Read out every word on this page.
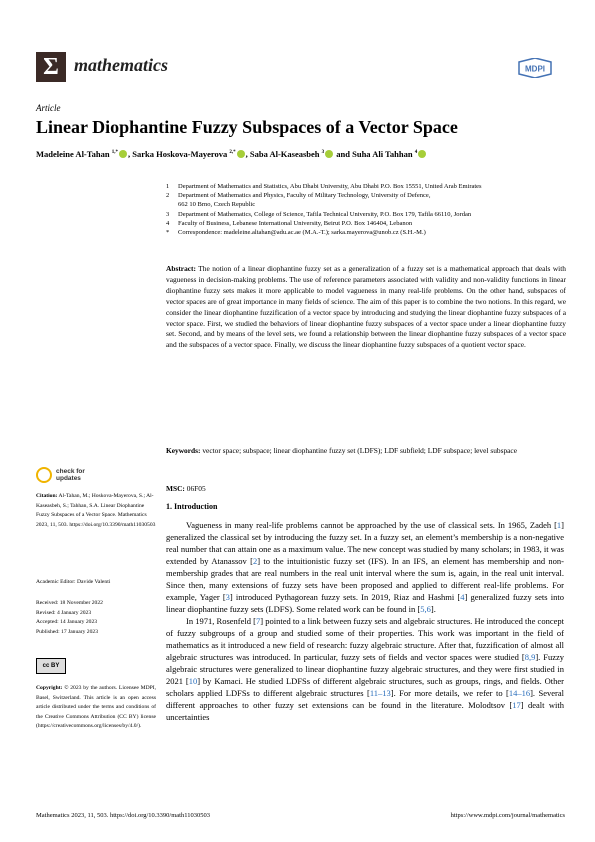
Σ mathematics	MDPI
Article
Linear Diophantine Fuzzy Subspaces of a Vector Space
Madeleine Al-Tahan $^{1,*}$ , Sarka Hoskova-Mayerova $^{2,*}$ , Saba Al-Kaseasbeh $^3$ and Suha Ali Tahhan $^4$
1	Department of Mathematics and Statistics, Abu Dhabi University, Abu Dhabi P.O. Box 15551, United Arab Emirates
2	Department of Mathematics and Physics, Faculty of Military Technology, University of Defence,
662 10 Brno, Czech Republic
3	Department of Mathematics, College of Science, Tafila Technical University, P.O. Box 179, Tafila 66110, Jordan
4	Faculty of Business, Lebanese International University, Beirut P.O. Box 146404, Lebanon
*	Correspondence: madeleine.altahan@adu.ac.ae (M.A.-T.); sarka.mayerova@unob.cz (S.H.-M.)
Abstract: The notion of a linear diophantine fuzzy set as a generalization of a fuzzy set is a mathematical approach that deals with vagueness in decision-making problems. The use of reference parameters associated with validity and non-validity functions in linear diophantine fuzzy sets makes it more applicable to model vagueness in many real-life problems. On the other hand, subspaces of vector spaces are of great importance in many fields of science. The aim of this paper is to combine the two notions. In this regard, we consider the linear diophantine fuzzification of a vector space by introducing and studying the linear diophantine fuzzy subspaces of a vector space. First, we studied the behaviors of linear diophantine fuzzy subspaces of a vector space under a linear diophantine fuzzy set. Second, and by means of the level sets, we found a relationship between the linear diophantine fuzzy subspaces of a vector space and the subspaces of a vector space. Finally, we discuss the linear diophantine fuzzy subspaces of a quotient vector space.
Keywords: vector space; subspace; linear diophantine fuzzy set (LDFS); LDF subfield; LDF subspace; level subspace
MSC: 06F05
check for
updates
Citation: Al-Tahan, M.; Hoskova-Mayerova, S.; Al-Kaseasbeh, S.; Tahhan, S.A. Linear Diophantine Fuzzy Subspaces of a Vector Space. Mathematics 2023, 11, 503. https://doi.org/10.3390/math11030503
Academic Editor: Davide Valenti
Received: 18 November 2022
Revised: 4 January 2023
Accepted: 14 January 2023
Published: 17 January 2023
cc BY
Copyright: © 2023 by the authors. Licensee MDPI, Basel, Switzerland. This article is an open access article distributed under the terms and conditions of the Creative Commons Attribution (CC BY) license (https://creativecommons.org/licenses/by/4.0/).
1. Introduction

Vagueness in many real-life problems cannot be approached by the use of classical sets. In 1965, Zadeh [1] generalized the classical set by introducing the fuzzy set. In a fuzzy set, an element’s membership is a non-negative real number that can attain one as a maximum value. The new concept was studied by many scholars; in 1983, it was extended by Atanassov [2] to the intuitionistic fuzzy set (IFS). In an IFS, an element has membership and non-membership grades that are real numbers in the real unit interval where the sum is, again, in the real unit interval. Since then, many extensions of fuzzy sets have been proposed and applied to different real-life problems. For example, Yager [3] introduced Pythagorean fuzzy sets. In 2019, Riaz and Hashmi [4] generalized fuzzy sets into linear diophantine fuzzy sets (LDFS). Some related work can be found in [5,6].

In 1971, Rosenfeld [7] pointed to a link between fuzzy sets and algebraic structures. He introduced the concept of fuzzy subgroups of a group and studied some of their properties. This work was important in the field of mathematics as it introduced a new field of research: fuzzy algebraic structure. After that, fuzzification of almost all algebraic structures was introduced. In particular, fuzzy sets of fields and vector spaces were studied [8,9]. Fuzzy algebraic structures were generalized to linear diophantine fuzzy algebraic structures, and they were first studied in 2021 [10] by Kamaci. He studied LDFSs of different algebraic structures, such as groups, rings, and fields. Other scholars applied LDFSs to different algebraic structures [11–13]. For more details, we refer to [14–16]. Several different approaches to other fuzzy set extensions can be found in the literature. Molodtsov [17] dealt with uncertainties

Mathematics 2023, 11, 503. https://doi.org/10.3390/math11030503	https://www.mdpi.com/journal/mathematics
